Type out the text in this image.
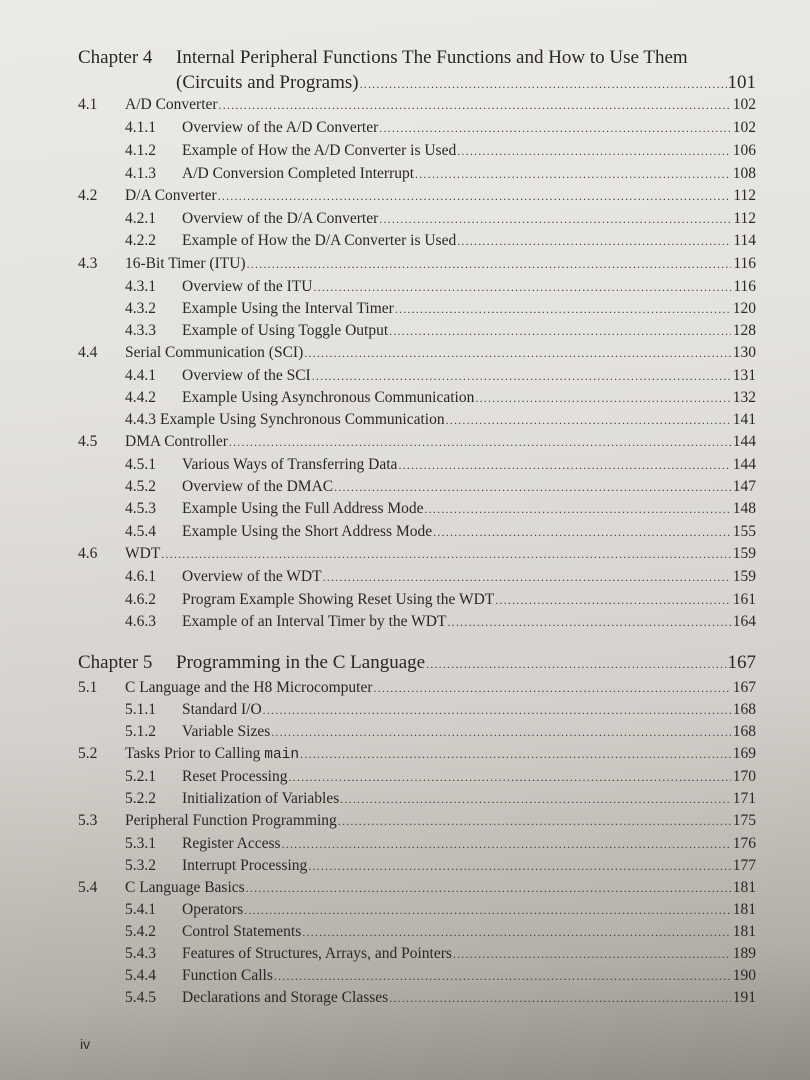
Chapter 4 Internal Peripheral Functions The Functions and How to Use Them
(Circuits and Programs) .....	101
4.1	A/D Converter .....	102
4.1.1	Overview of the A/D Converter .....	102
4.1.2	Example of How the A/D Converter is Used .....	106
4.1.3	A/D Conversion Completed Interrupt .....	108
4.2	D/A Converter .....	112
4.2.1	Overview of the D/A Converter .....	112
4.2.2	Example of How the D/A Converter is Used .....	114
4.3	16-Bit Timer (ITU) .....	116
4.3.1	Overview of the ITU .....	116
4.3.2	Example Using the Interval Timer .....	120
4.3.3	Example of Using Toggle Output .....	128
4.4	Serial Communication (SCI) .....	130
4.4.1	Overview of the SCI .....	131
4.4.2	Example Using Asynchronous Communication .....	132
4.4.3 Example Using Synchronous Communication .....	141
4.5	DMA Controller .....	144
4.5.1	Various Ways of Transferring Data .....	144
4.5.2	Overview of the DMAC .....	147
4.5.3	Example Using the Full Address Mode .....	148
4.5.4	Example Using the Short Address Mode .....	155
4.6	WDT .....	159
4.6.1	Overview of the WDT .....	159
4.6.2	Program Example Showing Reset Using the WDT .....	161
4.6.3	Example of an Interval Timer by the WDT .....	164
Chapter 5	Programming in the C Language .....	167
5.1	C Language and the H8 Microcomputer .....	167
5.1.1	Standard I/O .....	168
5.1.2	Variable Sizes .....	168
5.2	Tasks Prior to Calling main .....	169
5.2.1	Reset Processing .....	170
5.2.2	Initialization of Variables .....	171
5.3	Peripheral Function Programming .....	175
5.3.1	Register Access .....	176
5.3.2	Interrupt Processing .....	177
5.4	C Language Basics .....	181
5.4.1	Operators .....	181
5.4.2	Control Statements .....	181
5.4.3	Features of Structures, Arrays, and Pointers .....	189
5.4.4	Function Calls .....	190
5.4.5	Declarations and Storage Classes .....	191
iv
